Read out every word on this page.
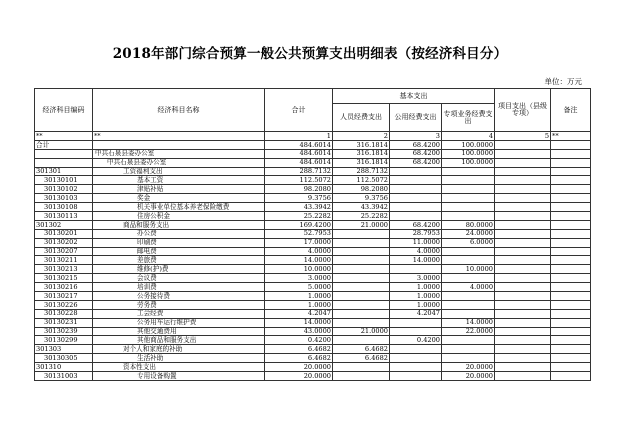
2018年部门综合预算一般公共预算支出明细表（按经济科目分）
单位：万元
经济科目编码	经济科目名称	合计	基本支出			项目支出（县级专项）	备注
			人员经费支出	公用经费支出	专项业务经费支出		
**	**	1	2	3	4	5	**
合计		484.6014	316.1814	68.4200	100.0000		
	中共石泉县委办公室	484.6014	316.1814	68.4200	100.0000		
	中共石泉县委办公室	484.6014	316.1814	68.4200	100.0000		
301301	工资福利支出	288.7132	288.7132				
30130101	基本工资	112.5072	112.5072				
30130102	津贴补贴	98.2080	98.2080				
30130103	奖金	9.3756	9.3756				
30130108	机关事业单位基本养老保险缴费	43.3942	43.3942				
30130113	住房公积金	25.2282	25.2282				
301302	商品和服务支出	169.4200	21.0000	68.4200	80.0000		
30130201	办公费	52.7953		28.7953	24.0000		
30130202	印刷费	17.0000		11.0000	6.0000		
30130207	邮电费	4.0000		4.0000			
30130211	差旅费	14.0000		14.0000			
30130213	维修(护)费	10.0000			10.0000		
30130215	会议费	3.0000		3.0000			
30130216	培训费	5.0000		1.0000	4.0000		
30130217	公务接待费	1.0000		1.0000			
30130226	劳务费	1.0000		1.0000			
30130228	工会经费	4.2047		4.2047			
30130231	公务用车运行维护费	14.0000			14.0000		
30130239	其他交通费用	43.0000	21.0000		22.0000		
30130299	其他商品和服务支出	0.4200		0.4200			
301303	对个人和家庭的补助	6.4682	6.4682				
30130305	生活补助	6.4682	6.4682				
301310	资本性支出	20.0000			20.0000		
30131003	专用设备购置	20.0000			20.0000		
